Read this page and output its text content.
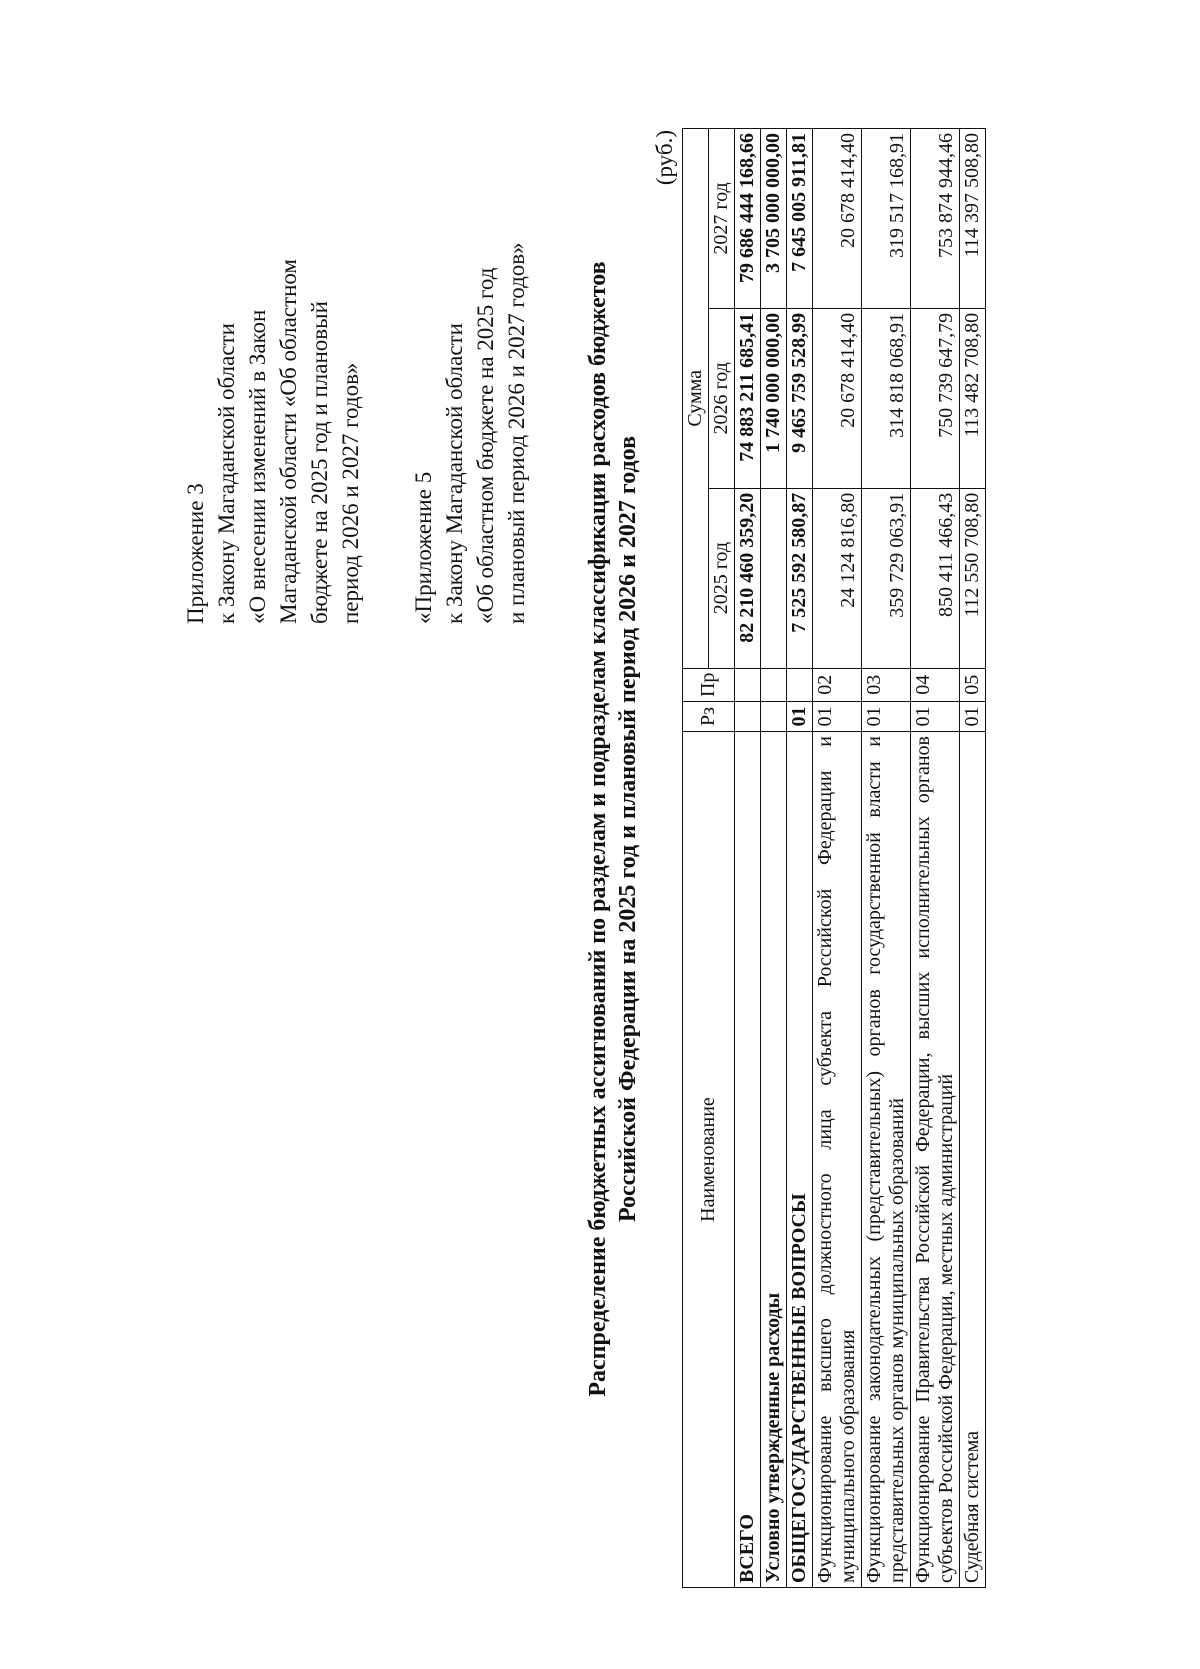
Приложение 3 к Закону Магаданской области «О внесении изменений в Закон Магаданской области «Об областном бюджете на 2025 год и плановый период 2026 и 2027 годов» «Приложение 5 к Закону Магаданской области «Об областном бюджете на 2025 год и плановый период 2026 и 2027 годов» Распределение бюджетных ассигнований по разделам и подразделам классификации расходов бюджетов Российской Федерации на 2025 год и плановый период 2026 и 2027 годов
(руб.)
Наименование	Рз	Пр	Сумма		
			2025 год	2026 год	2027 год
ВСЕГО			82 210 460 359,20	74 883 211 685,41	79 686 444 168,66
Условно утвержденные расходы				1 740 000 000,00	3 705 000 000,00
ОБЩЕГОСУДАРСТВЕННЫЕ ВОПРОСЫ	01		7 525 592 580,87	9 465 759 528,99	7 645 005 911,81
Функционирование высшего должностного лица субъекта Российской Федерации и муниципального образования	01	02	24 124 816,80	20 678 414,40	20 678 414,40
Функционирование законодательных (представительных) органов государственной власти и представительных органов муниципальных образований	01	03	359 729 063,91	314 818 068,91	319 517 168,91
Функционирование Правительства Российской Федерации, высших исполнительных органов субъектов Российской Федерации, местных администраций	01	04	850 411 466,43	750 739 647,79	753 874 944,46
Судебная система	01	05	112 550 708,80	113 482 708,80	114 397 508,80
